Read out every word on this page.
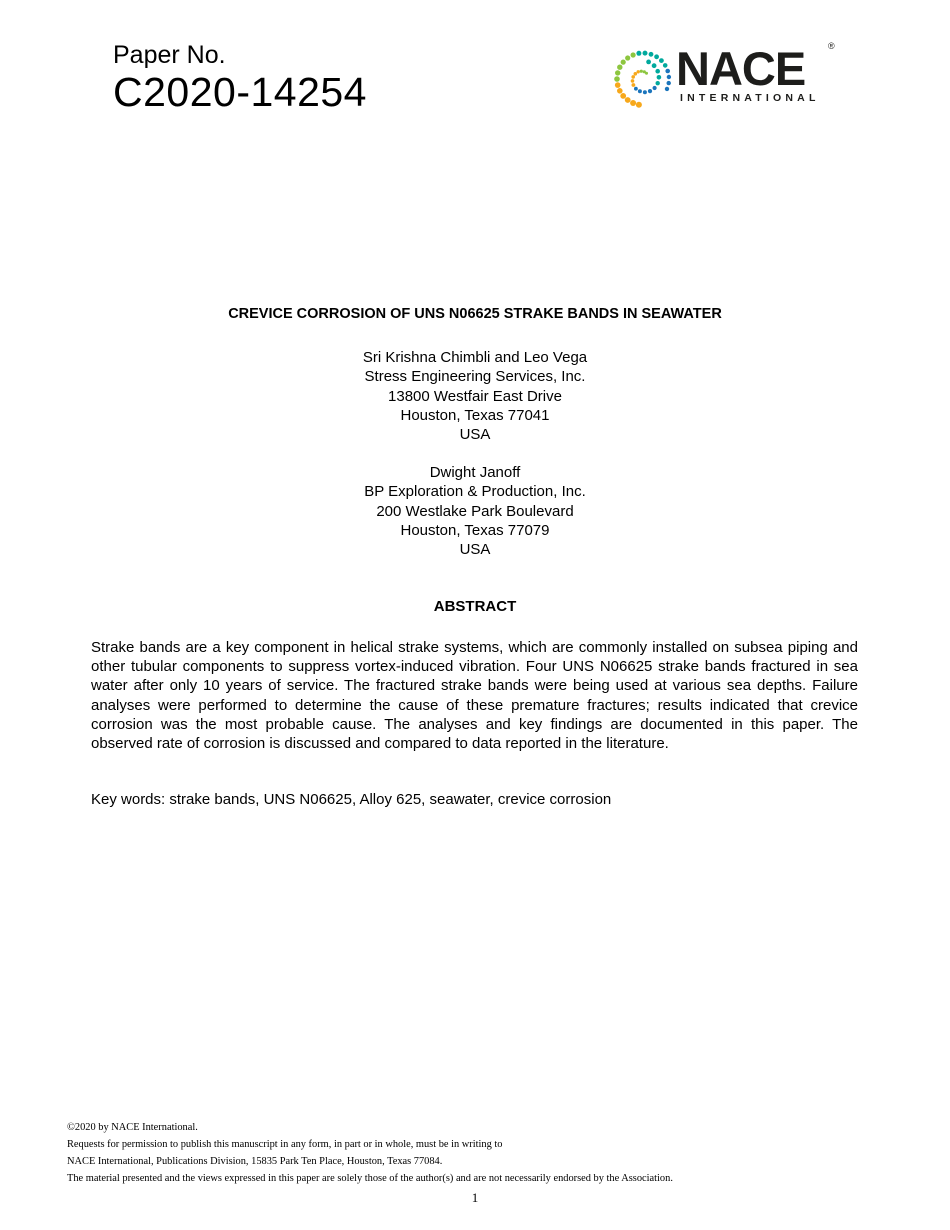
Paper No.
C2020-14254	NACE	®
INTERNATIONAL
CREVICE CORROSION OF UNS N06625 STRAKE BANDS IN SEAWATER
Sri Krishna Chimbli and Leo Vega
Stress Engineering Services, Inc.
13800 Westfair East Drive
Houston, Texas 77041
USA
Dwight Janoff
BP Exploration & Production, Inc.
200 Westlake Park Boulevard
Houston, Texas 77079
USA
ABSTRACT
Strake bands are a key component in helical strake systems, which are commonly installed on subsea piping and other tubular components to suppress vortex-induced vibration. Four UNS N06625 strake bands fractured in sea water after only 10 years of service. The fractured strake bands were being used at various sea depths. Failure analyses were performed to determine the cause of these premature fractures; results indicated that crevice corrosion was the most probable cause. The analyses and key findings are documented in this paper. The observed rate of corrosion is discussed and compared to data reported in the literature.
Key words: strake bands, UNS N06625, Alloy 625, seawater, crevice corrosion
©2020 by NACE International.
Requests for permission to publish this manuscript in any form, in part or in whole, must be in writing to
NACE International, Publications Division, 15835 Park Ten Place, Houston, Texas 77084.
The material presented and the views expressed in this paper are solely those of the author(s) and are not necessarily endorsed by the Association.
1
